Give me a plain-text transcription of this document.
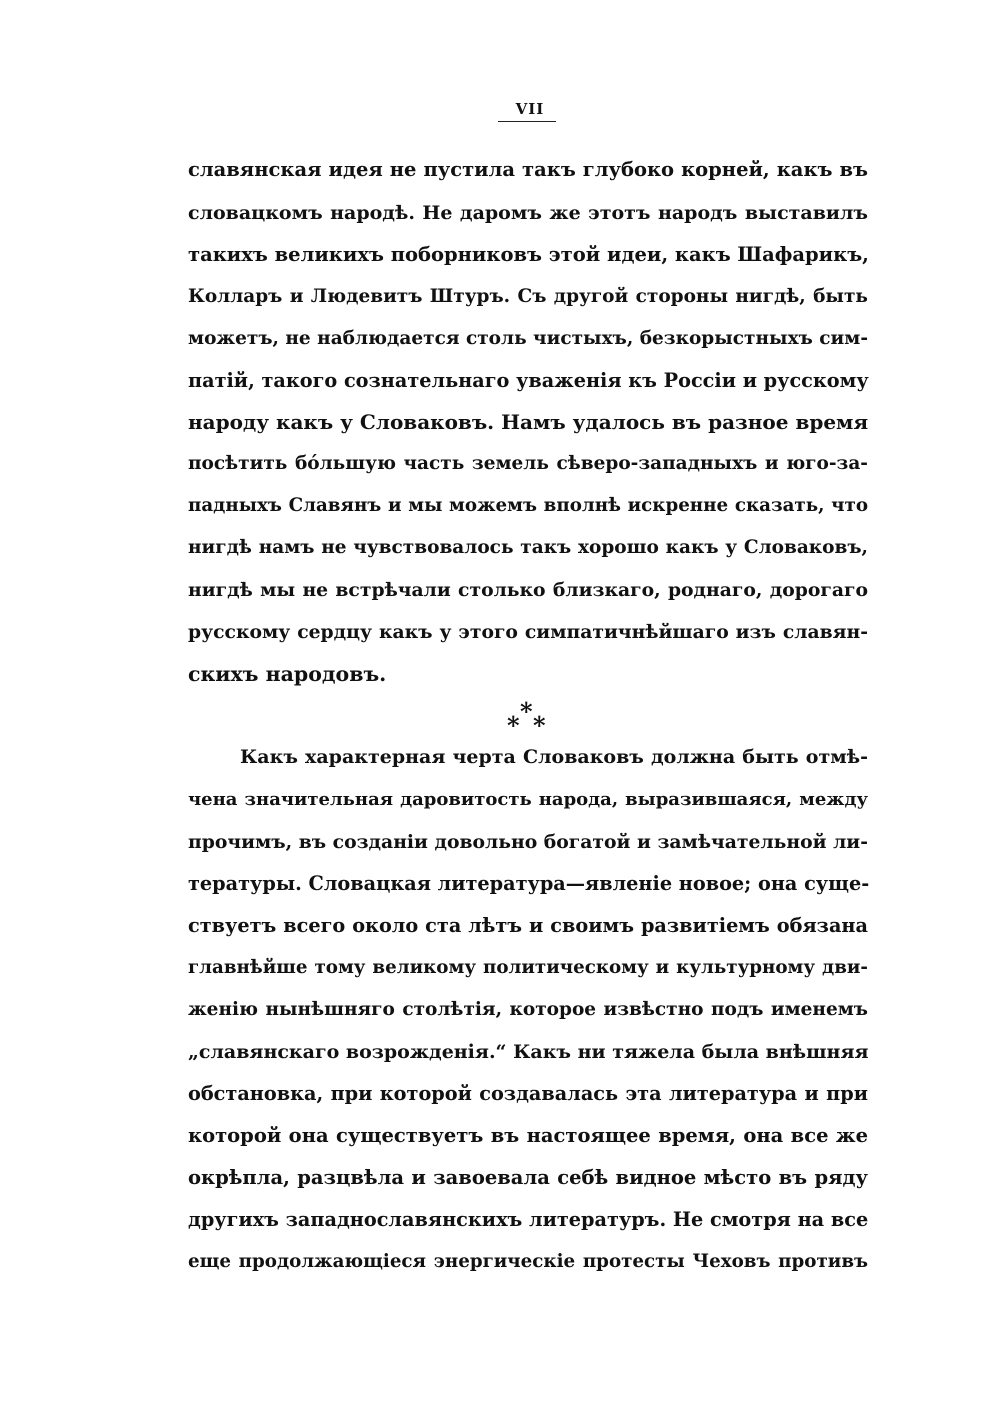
VII
славянская идея не пустила такъ глубоко корней, какъ въ
словацкомъ народѣ. Не даромъ же этотъ народъ выставилъ
такихъ великихъ поборниковъ этой идеи, какъ Шафарикъ,
Колларъ и Людевитъ Штуръ. Съ другой стороны нигдѣ, быть
можетъ, не наблюдается столь чистыхъ, безкорыстныхъ сим-
патій, такого сознательнаго уваженія къ Россіи и русскому
народу какъ у Словаковъ. Намъ удалось въ разное время
посѣтить бóльшую часть земель сѣверо-западныхъ и юго-за-
падныхъ Славянъ и мы можемъ вполнѣ искренне сказать, что
нигдѣ намъ не чувствовалось такъ хорошо какъ у Словаковъ,
нигдѣ мы не встрѣчали столько близкаго, роднаго, дорогаго
русскому сердцу какъ у этого симпатичнѣйшаго изъ славян-
скихъ народовъ.
*
* *
Какъ характерная черта Словаковъ должна быть отмѣ-
чена значительная даровитость народа, выразившаяся, между
прочимъ, въ созданіи довольно богатой и замѣчательной ли-
тературы. Словацкая литература—явленіе новое; она суще-
ствуетъ всего около ста лѣтъ и своимъ развитіемъ обязана
главнѣйше тому великому политическому и культурному дви-
женію нынѣшняго столѣтія, которое извѣстно подъ именемъ
„славянскаго возрожденія.“ Какъ ни тяжела была внѣшняя
обстановка, при которой создавалась эта литература и при
которой она существуетъ въ настоящее время, она все же
окрѣпла, разцвѣла и завоевала себѣ видное мѣсто въ ряду
другихъ западнославянскихъ литературъ. Не смотря на все
еще продолжающіеся энергическіе протесты Чеховъ противъ
